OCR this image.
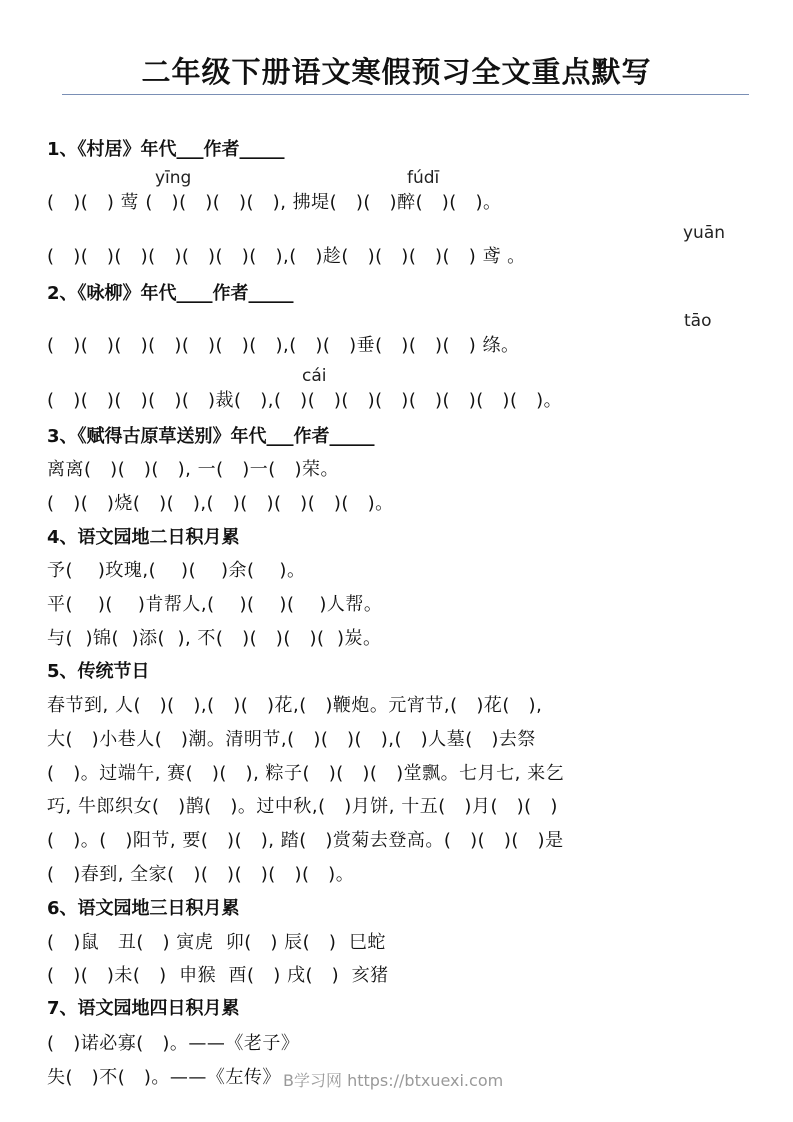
二年级下册语文寒假预习全文重点默写
1、《村居》年代___作者_____
yīng	fúdī
(   )(   ) 莺 (   )(   )(   )(   ), 拂堤(   )(   )醉(   )(   )。
yuān
(   )(   )(   )(   )(   )(   )(   ),(   )趁(   )(   )(   )(   ) 鸢 。
2、《咏柳》年代____作者_____
tāo
(   )(   )(   )(   )(   )(   )(   ),(   )(   )垂(   )(   )(   ) 绦。
cái
(   )(   )(   )(   )(   )裁(   ),(   )(   )(   )(   )(   )(   )(   )(   )。
3、《赋得古原草送别》年代___作者_____
离离(   )(   )(   ), 一(   )一(   )荣。
(   )(   )烧(   )(   ),(   )(   )(   )(   )(   )。
4、语文园地二日积月累
予(    )玫瑰,(    )(    )余(    )。
平(    )(    )肯帮人,(    )(    )(    )人帮。
与(  )锦(  )添(  ), 不(   )(   )(   )(  )炭。
5、传统节日
春节到, 人(   )(   ),(   )(   )花,(   )鞭炮。元宵节,(   )花(   ),
大(   )小巷人(   )潮。清明节,(   )(   )(   ),(   )人墓(   )去祭
(   )。过端午, 赛(   )(   ), 粽子(   )(   )(   )堂飘。七月七, 来乞
巧, 牛郎织女(   )鹊(   )。过中秋,(   )月饼, 十五(   )月(   )(   )
(   )。(   )阳节, 要(   )(   ), 踏(   )赏菊去登高。(   )(   )(   )是
(   )春到, 全家(   )(   )(   )(   )(   )。
6、语文园地三日积月累
(   )鼠   丑(   ) 寅虎  卯(   ) 辰(   )  巳蛇
(   )(   )未(   )  申猴  酉(   ) 戌(   )  亥猪
7、语文园地四日积月累
(   )诺必寡(   )。——《老子》
失(   )不(   )。——《左传》 B学习网 https://btxuexi.com
